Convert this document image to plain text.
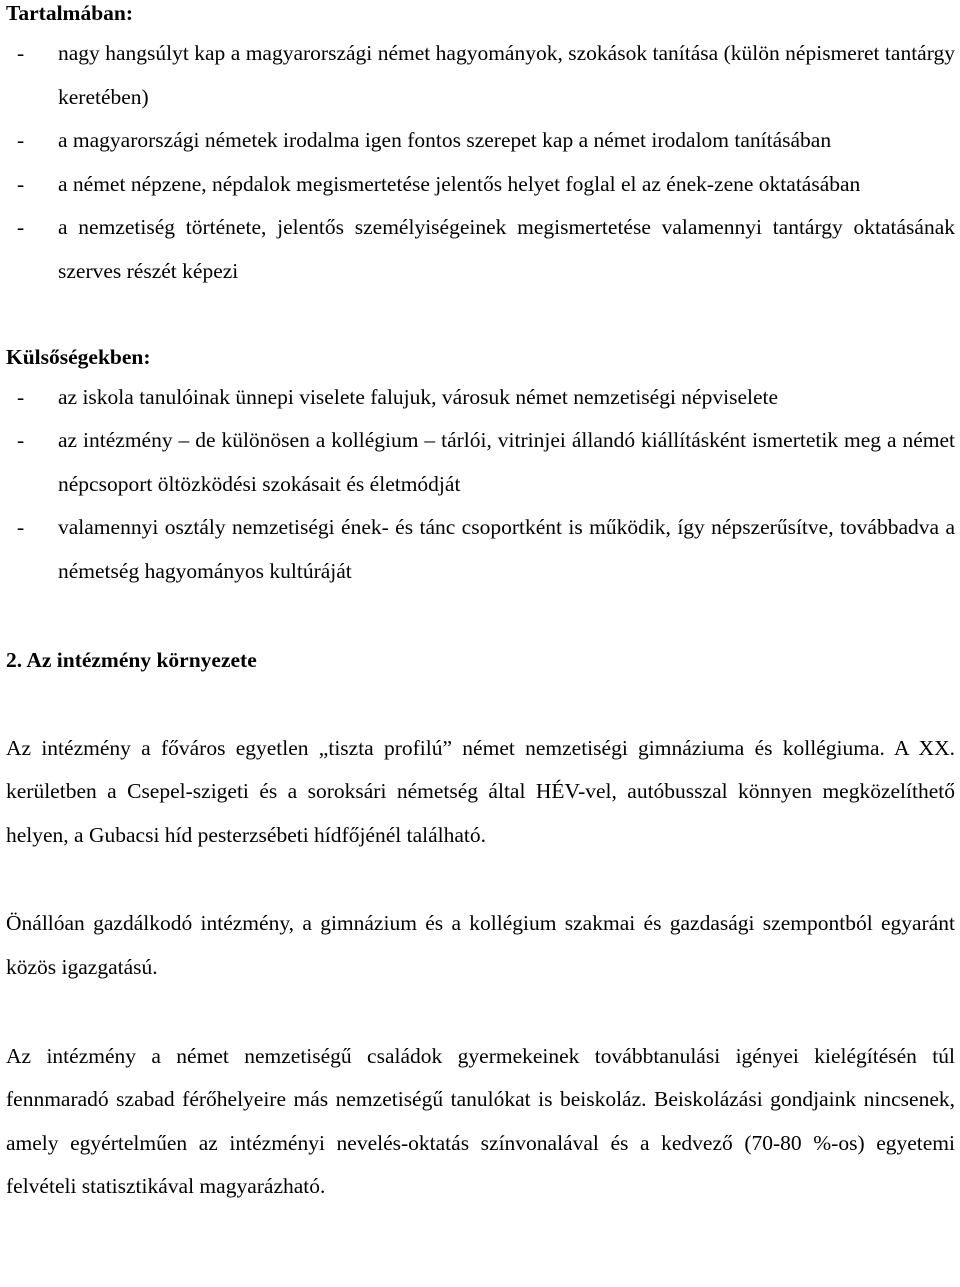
Tartalmában:
- nagy hangsúlyt kap a magyarországi német hagyományok, szokások tanítása (külön népismeret tantárgy keretében)
- a magyarországi németek irodalma igen fontos szerepet kap a német irodalom tanításában
- a német népzene, népdalok megismertetése jelentős helyet foglal el az ének-zene oktatásában
- a nemzetiség története, jelentős személyiségeinek megismertetése valamennyi tantárgy oktatásának szerves részét képezi
Külsőségekben:
- az iskola tanulóinak ünnepi viselete falujuk, városuk német nemzetiségi népviselete
- az intézmény – de különösen a kollégium – tárlói, vitrinjei állandó kiállításként ismertetik meg a német népcsoport öltözködési szokásait és életmódját
- valamennyi osztály nemzetiségi ének- és tánc csoportként is működik, így népszerűsítve, továbbadva a németség hagyományos kultúráját
2. Az intézmény környezete
Az intézmény a főváros egyetlen „tiszta profilú” német nemzetiségi gimnáziuma és kollégiuma. A XX. kerületben a Csepel-szigeti és a soroksári németség által HÉV-vel, autóbusszal könnyen megközelíthető helyen, a Gubacsi híd pesterzsébeti hídfőjénél található.
Önállóan gazdálkodó intézmény, a gimnázium és a kollégium szakmai és gazdasági szempontból egyaránt közös igazgatású.
Az intézmény a német nemzetiségű családok gyermekeinek továbbtanulási igényei kielégítésén túl fennmaradó szabad férőhelyeire más nemzetiségű tanulókat is beiskoláz. Beiskolázási gondjaink nincsenek, amely egyértelműen az intézményi nevelés-oktatás színvonalával és a kedvező (70-80 %-os) egyetemi felvételi statisztikával magyarázható.
